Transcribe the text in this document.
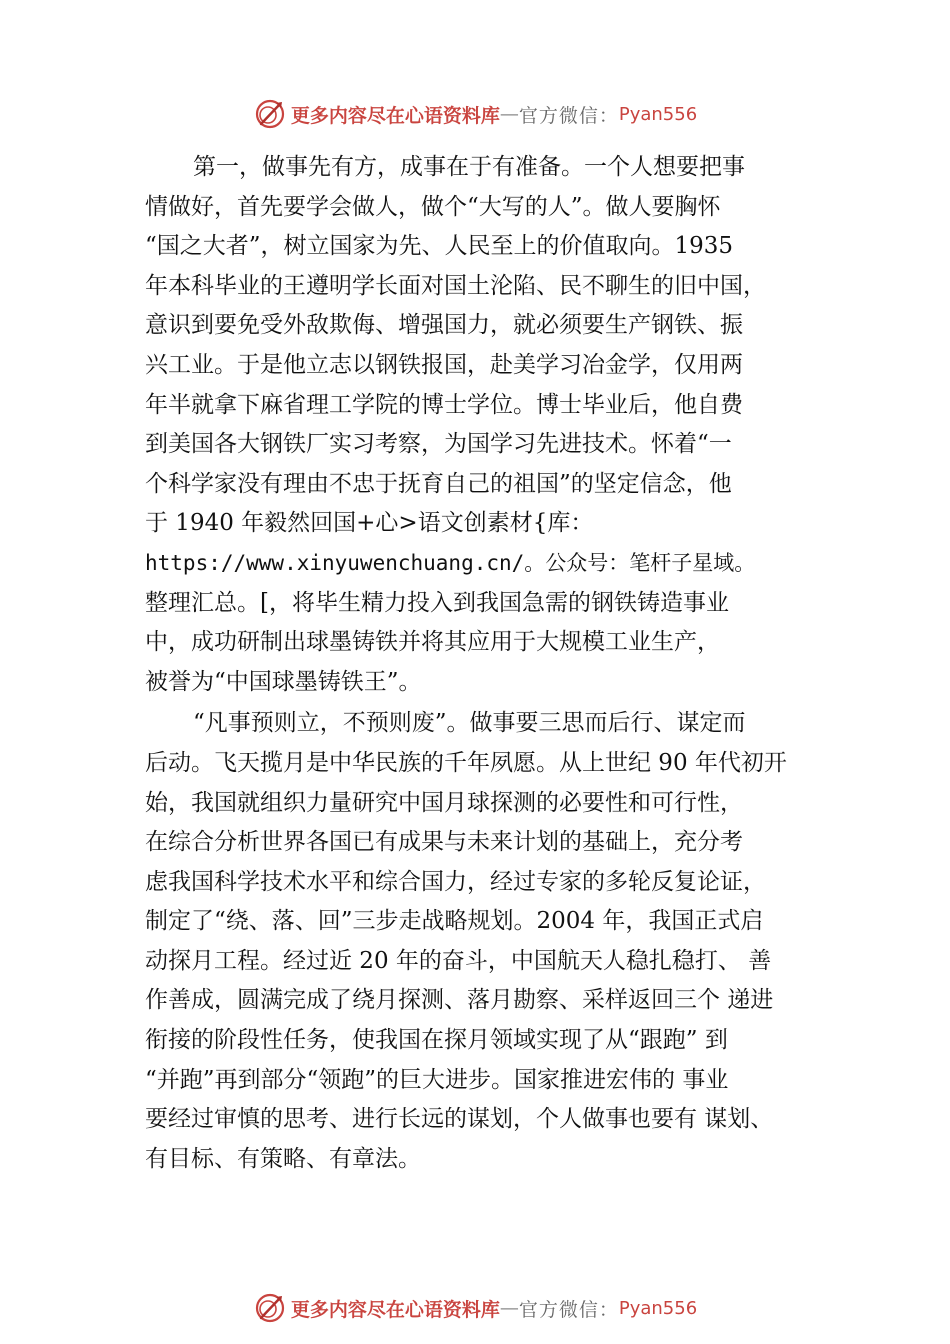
更多内容尽在心语资料库 — 官方微信： Pyan556
第一，做事先有方，成事在于有准备。一个人想要把事
情做好，首先要学会做人，做个“大写的人”。做人要胸怀
“国之大者”，树立国家为先、人民至上的价值取向。1935
年本科毕业的王遵明学长面对国土沦陷、民不聊生的旧中国，
意识到要免受外敌欺侮、增强国力，就必须要生产钢铁、振
兴工业。于是他立志以钢铁报国，赴美学习冶金学，仅用两
年半就拿下麻省理工学院的博士学位。博士毕业后，他自费
到美国各大钢铁厂实习考察，为国学习先进技术。怀着“一
个科学家没有理由不忠于抚育自己的祖国”的坚定信念，他
于 1940 年毅然回国+心>语文创素材{库：
https://www.xinyuwenchuang.cn/。公众号：笔杆子星域。
整理汇总。[，将毕生精力投入到我国急需的钢铁铸造事业
中，成功研制出球墨铸铁并将其应用于大规模工业生产，
被誉为“中国球墨铸铁王”。
“凡事预则立，不预则废”。做事要三思而后行、谋定而
后动。飞天揽月是中华民族的千年夙愿。从上世纪 90 年代初开
始，我国就组织力量研究中国月球探测的必要性和可行性，
在综合分析世界各国已有成果与未来计划的基础上，充分考
虑我国科学技术水平和综合国力，经过专家的多轮反复论证，
制定了“绕、落、回”三步走战略规划。2004 年，我国正式启
动探月工程。经过近 20 年的奋斗，中国航天人稳扎稳打、 善
作善成，圆满完成了绕月探测、落月勘察、采样返回三个 递进
衔接的阶段性任务，使我国在探月领域实现了从“跟跑” 到
“并跑”再到部分“领跑”的巨大进步。国家推进宏伟的 事业
要经过审慎的思考、进行长远的谋划，个人做事也要有 谋划、
有目标、有策略、有章法。
更多内容尽在心语资料库 — 官方微信： Pyan556
